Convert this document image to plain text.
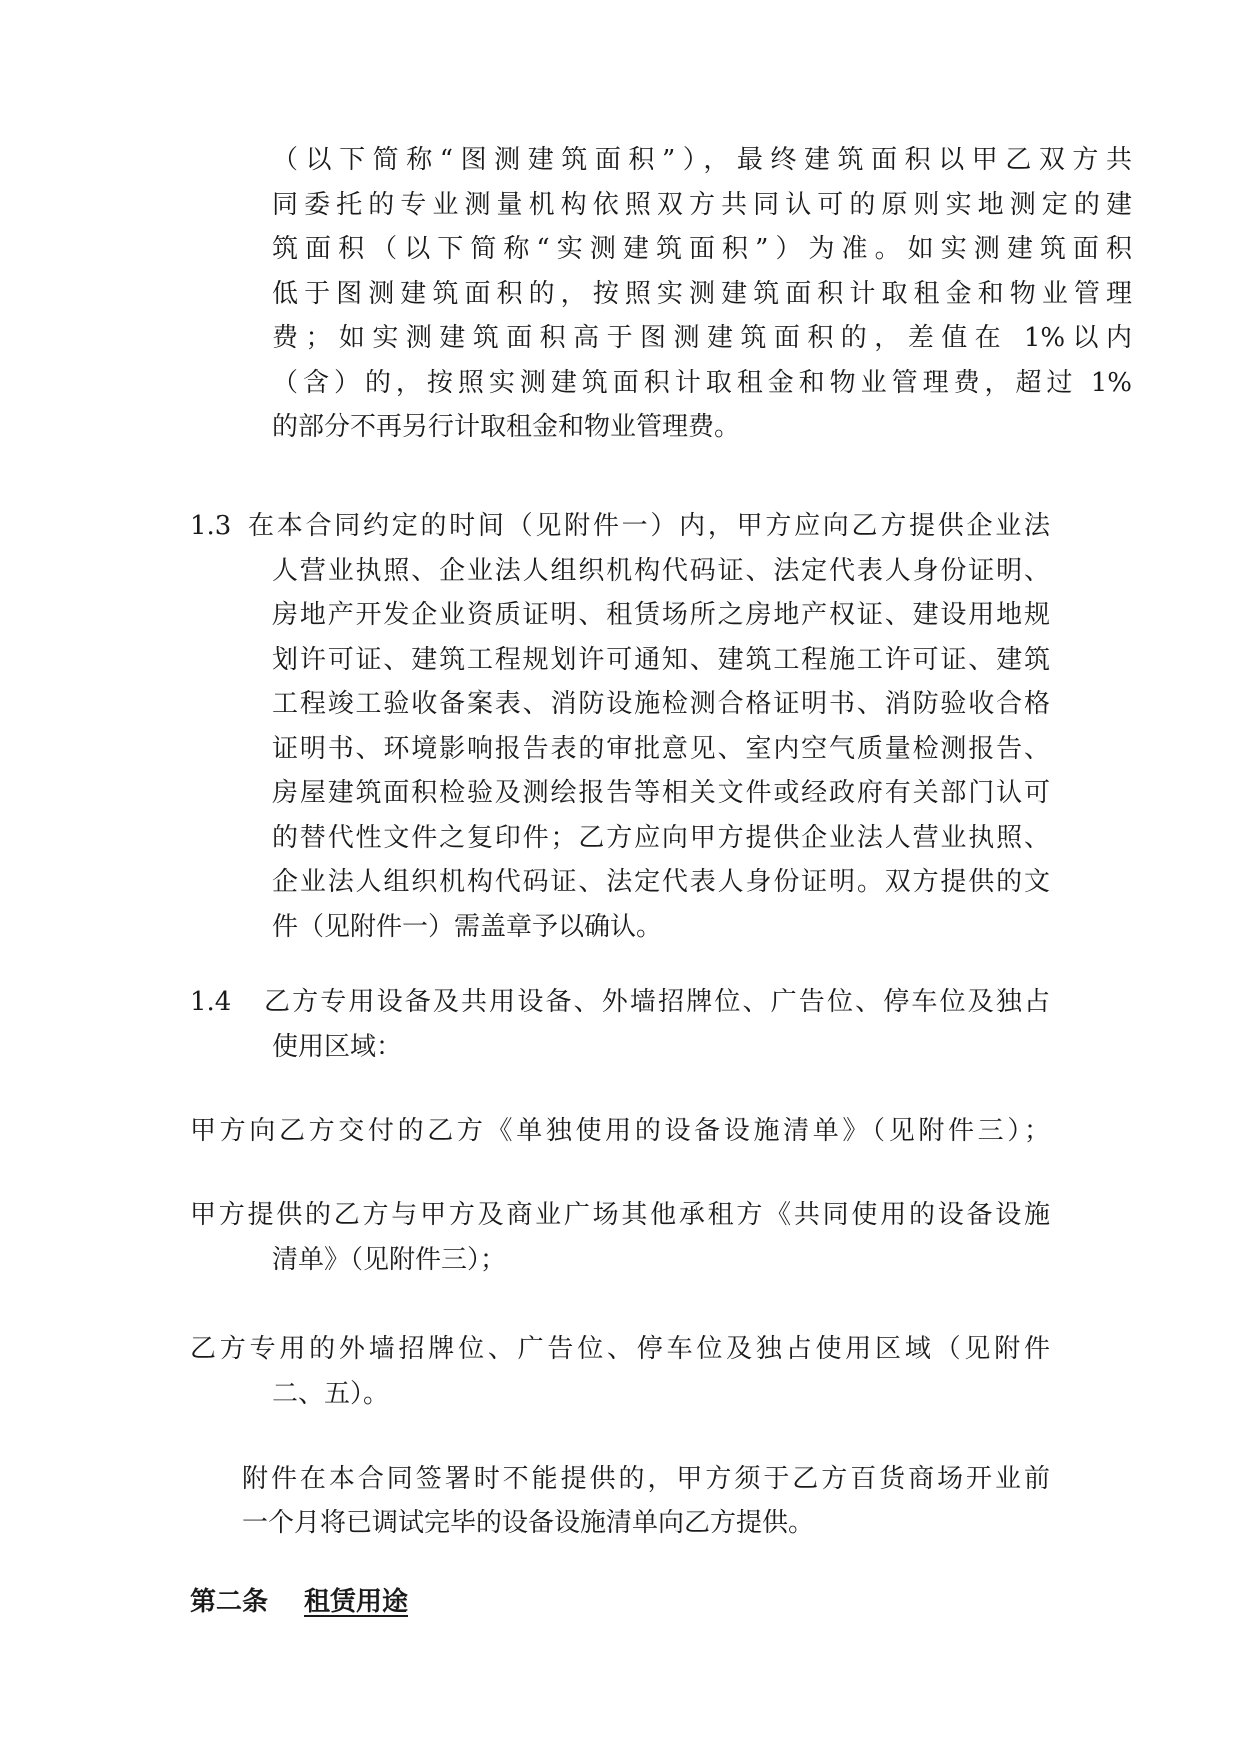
（以下简称“图测建筑面积”），最终建筑面积以甲乙双方共
同委托的专业测量机构依照双方共同认可的原则实地测定的建
筑面积（以下简称“实测建筑面积”）为准。如实测建筑面积
低于图测建筑面积的，按照实测建筑面积计取租金和物业管理
费；如实测建筑面积高于图测建筑面积的，差值在 1%以内
（含）的，按照实测建筑面积计取租金和物业管理费，超过 1%
的部分不再另行计取租金和物业管理费。
1.3 在本合同约定的时间（见附件一）内，甲方应向乙方提供企业法
人营业执照、企业法人组织机构代码证、法定代表人身份证明、
房地产开发企业资质证明、租赁场所之房地产权证、建设用地规
划许可证、建筑工程规划许可通知、建筑工程施工许可证、建筑
工程竣工验收备案表、消防设施检测合格证明书、消防验收合格
证明书、环境影响报告表的审批意见、室内空气质量检测报告、
房屋建筑面积检验及测绘报告等相关文件或经政府有关部门认可
的替代性文件之复印件；乙方应向甲方提供企业法人营业执照、
企业法人组织机构代码证、法定代表人身份证明。双方提供的文
件（见附件一）需盖章予以确认。
1.4	乙方专用设备及共用设备、外墙招牌位、广告位、停车位及独占
使用区域：
甲方向乙方交付的乙方《单独使用的设备设施清单》（见附件三）；
甲方提供的乙方与甲方及商业广场其他承租方《共同使用的设备设施
清单》（见附件三）；
乙方专用的外墙招牌位、广告位、停车位及独占使用区域（见附件
二、五）。
附件在本合同签署时不能提供的，甲方须于乙方百货商场开业前
一个月将已调试完毕的设备设施清单向乙方提供。
第二条 租赁用途
